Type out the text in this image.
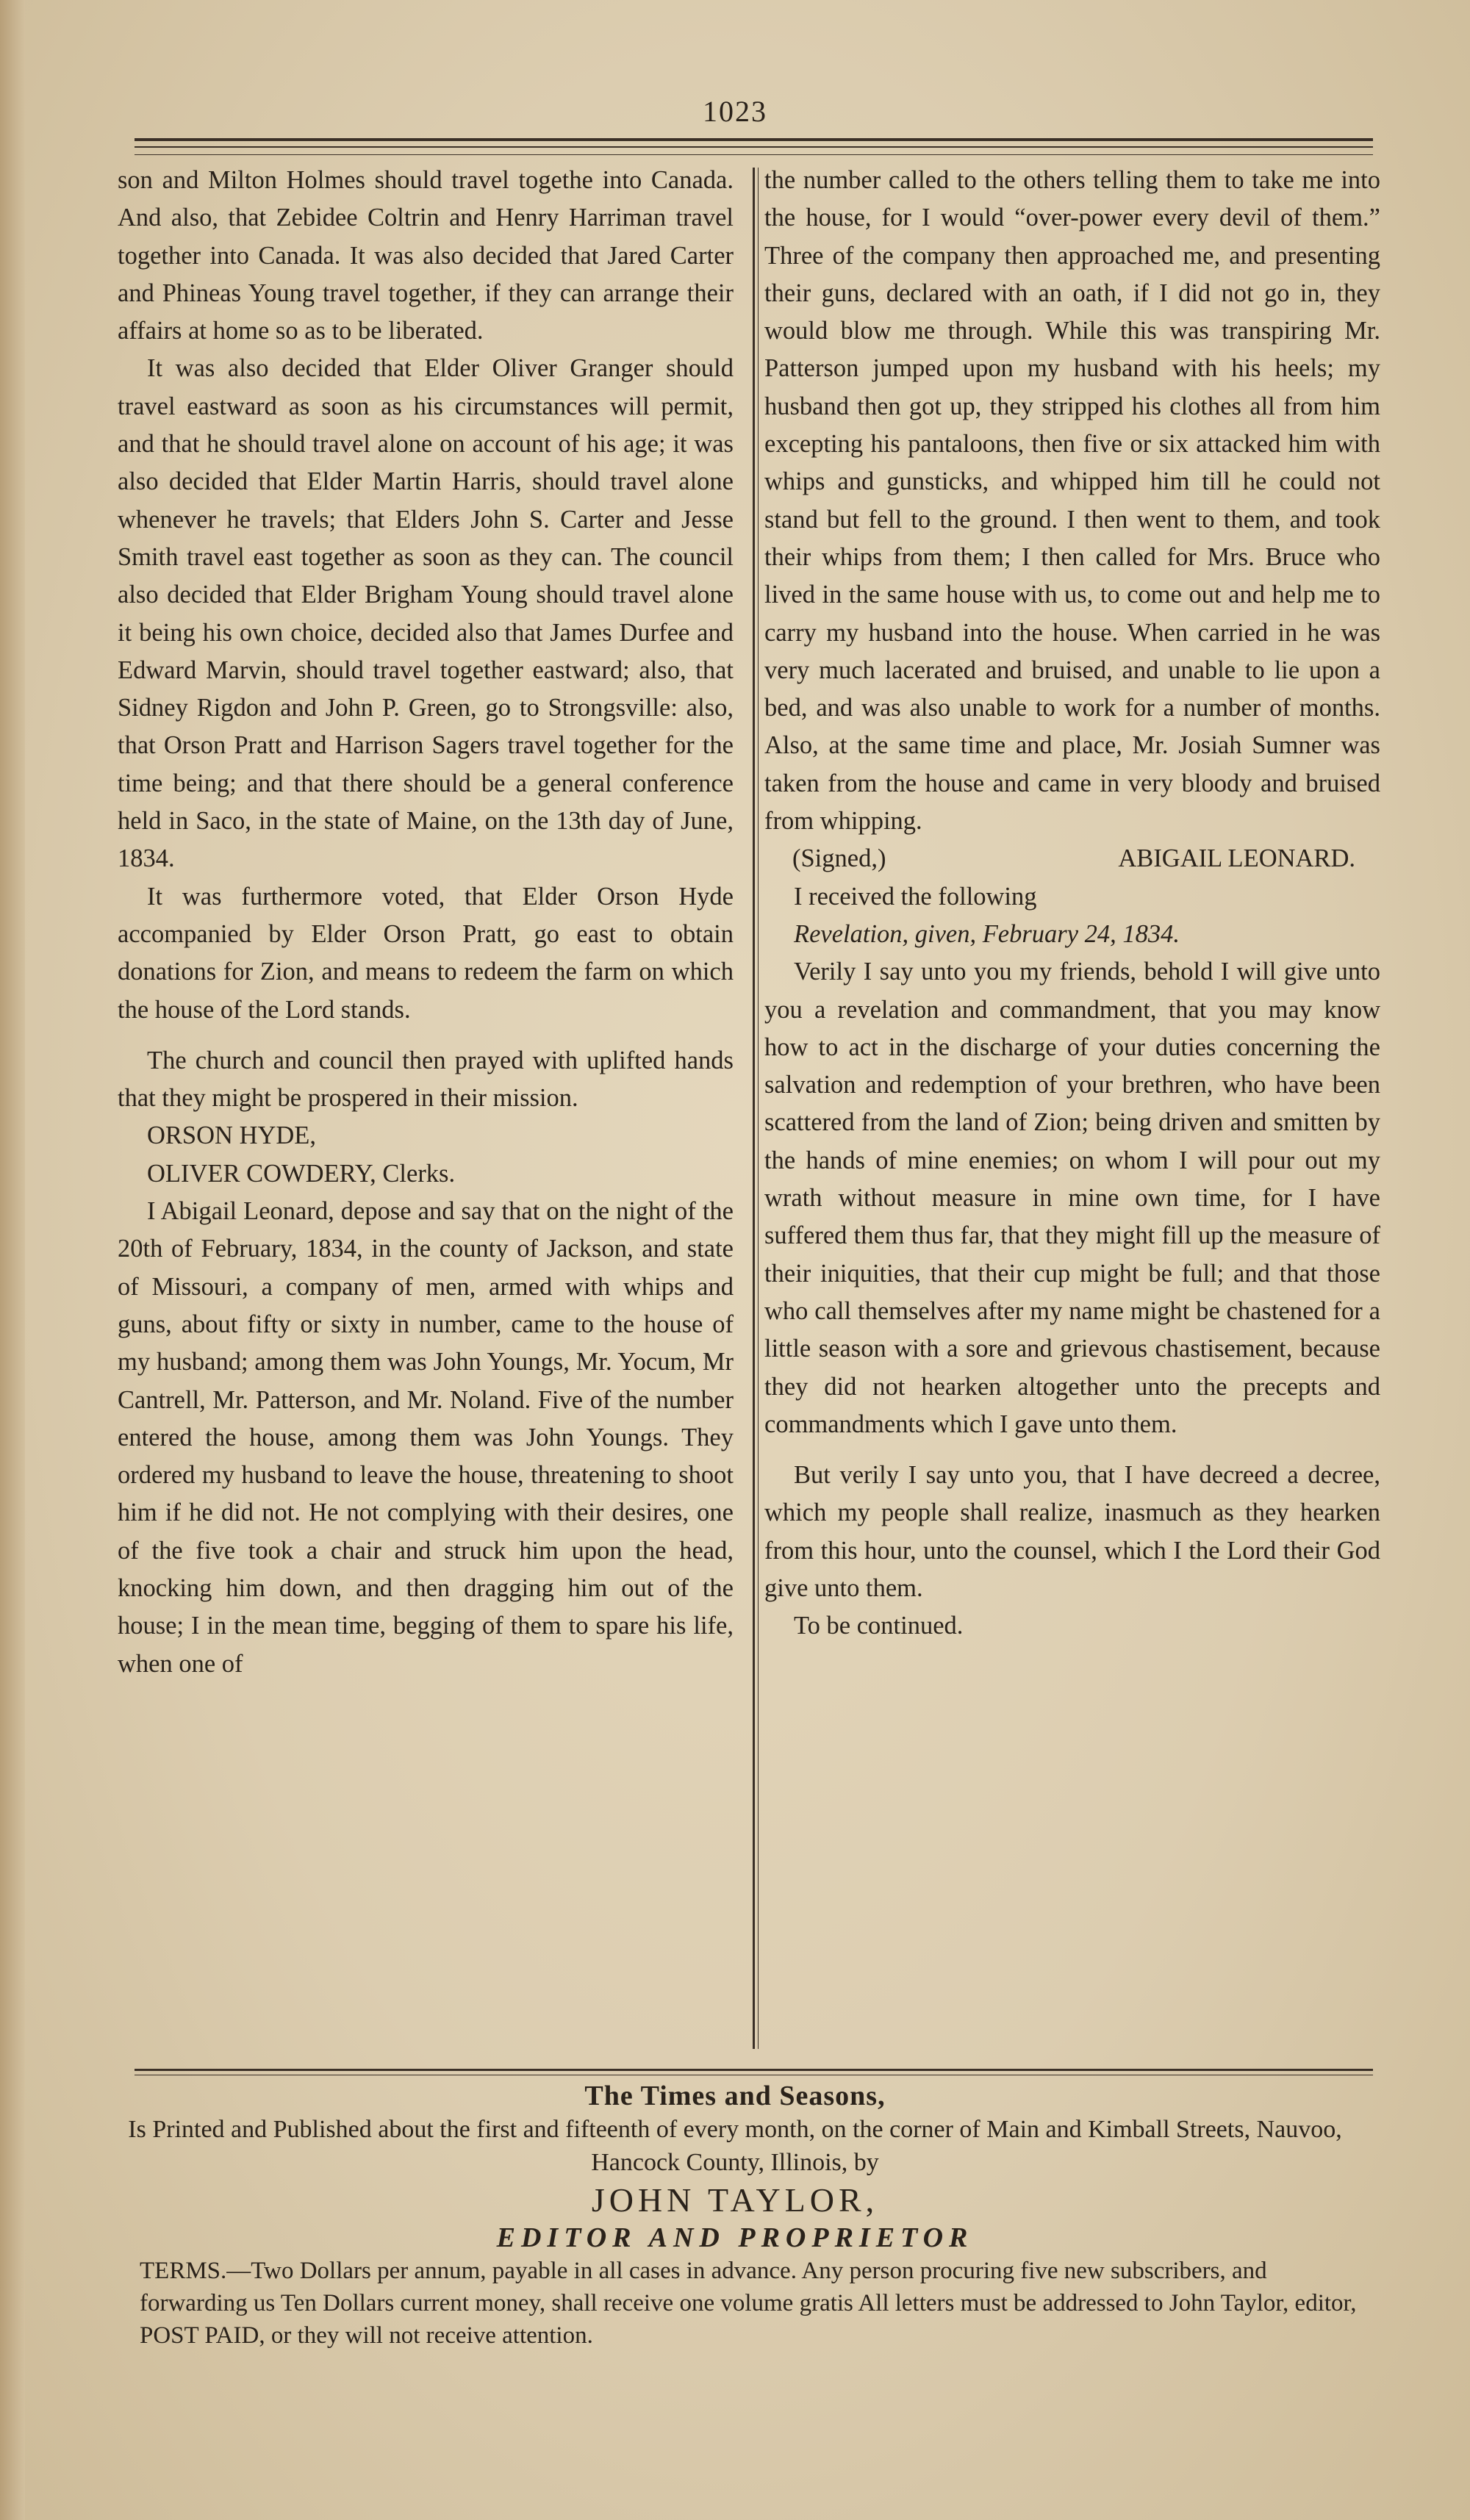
1023

son and Milton Holmes should travel togethe into Canada. And also, that Zebidee Coltrin and Henry Harriman travel together into Canada. It was also decided that Jared Carter and Phineas Young travel together, if they can arrange their affairs at home so as to be liberated.

It was also decided that Elder Oliver Granger should travel eastward as soon as his circumstances will permit, and that he should travel alone on account of his age; it was also decided that Elder Martin Harris, should travel alone whenever he travels; that Elders John S. Carter and Jesse Smith travel east together as soon as they can. The council also decided that Elder Brigham Young should travel alone it being his own choice, decided also that James Durfee and Edward Marvin, should travel together eastward; also, that Sidney Rigdon and John P. Green, go to Strongsville: also, that Orson Pratt and Harrison Sagers travel together for the time being; and that there should be a general conference held in Saco, in the state of Maine, on the 13th day of June, 1834.

It was furthermore voted, that Elder Orson Hyde accompanied by Elder Orson Pratt, go east to obtain donations for Zion, and means to redeem the farm on which the house of the Lord stands.

The church and council then prayed with uplifted hands that they might be prospered in their mission.

ORSON HYDE,

OLIVER COWDERY, Clerks.

I Abigail Leonard, depose and say that on the night of the 20th of February, 1834, in the county of Jackson, and state of Missouri, a company of men, armed with whips and guns, about fifty or sixty in number, came to the house of my husband; among them was John Youngs, Mr. Yocum, Mr Cantrell, Mr. Patterson, and Mr. Noland. Five of the number entered the house, among them was John Youngs. They ordered my husband to leave the house, threatening to shoot him if he did not. He not complying with their desires, one of the five took a chair and struck him upon the head, knocking him down, and then dragging him out of the house; I in the mean time, begging of them to spare his life, when one of

the number called to the others telling them to take me into the house, for I would “over-power every devil of them.” Three of the company then approached me, and presenting their guns, declared with an oath, if I did not go in, they would blow me through. While this was transpiring Mr. Patterson jumped upon my husband with his heels; my husband then got up, they stripped his clothes all from him excepting his pantaloons, then five or six attacked him with whips and gunsticks, and whipped him till he could not stand but fell to the ground. I then went to them, and took their whips from them; I then called for Mrs. Bruce who lived in the same house with us, to come out and help me to carry my husband into the house. When carried in he was very much lacerated and bruised, and unable to lie upon a bed, and was also unable to work for a number of months. Also, at the same time and place, Mr. Josiah Sumner was taken from the house and came in very bloody and bruised from whipping.

(Signed,)	ABIGAIL LEONARD.

I received the following

Revelation, given, February 24, 1834.

Verily I say unto you my friends, behold I will give unto you a revelation and commandment, that you may know how to act in the discharge of your duties concerning the salvation and redemption of your brethren, who have been scattered from the land of Zion; being driven and smitten by the hands of mine enemies; on whom I will pour out my wrath without measure in mine own time, for I have suffered them thus far, that they might fill up the measure of their iniquities, that their cup might be full; and that those who call themselves after my name might be chastened for a little season with a sore and grievous chastisement, because they did not hearken altogether unto the precepts and commandments which I gave unto them.

But verily I say unto you, that I have decreed a decree, which my people shall realize, inasmuch as they hearken from this hour, unto the counsel, which I the Lord their God give unto them.

To be continued.

The Times and Seasons,
Is Printed and Published about the first and fifteenth of every month, on the corner of Main and Kimball Streets, Nauvoo, Hancock County, Illinois, by
JOHN TAYLOR,
EDITOR AND PROPRIETOR
TERMS.—Two Dollars per annum, payable in all cases in advance. Any person procuring five new subscribers, and forwarding us Ten Dollars current money, shall receive one volume gratis All letters must be addressed to John Taylor, editor, POST PAID, or they will not receive attention.
